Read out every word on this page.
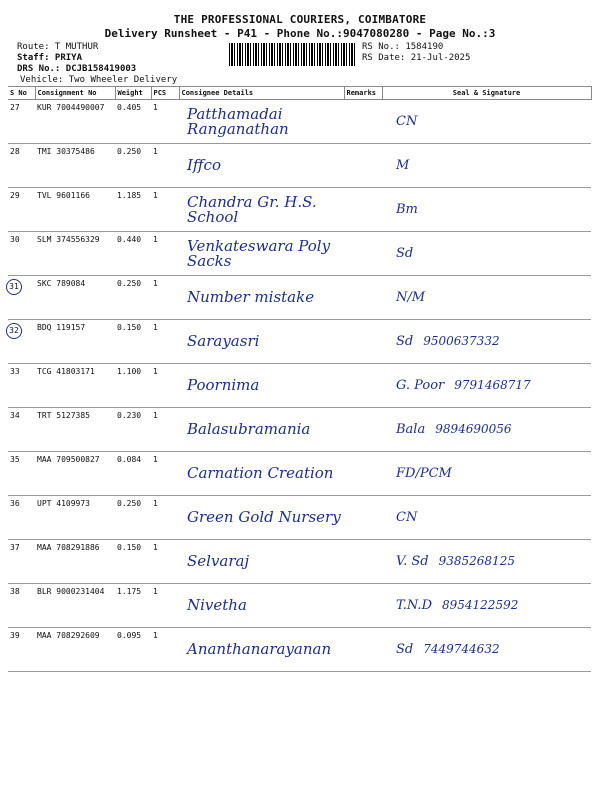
THE PROFESSIONAL COURIERS, COIMBATORE
Delivery Runsheet - P41 - Phone No.:9047080280 - Page No.:3
Route: T MUTHUR
Staff: PRIYA
DRS No.: DCJB158419003
Vehicle: Two Wheeler Delivery
RS No.: 1584190
RS Date: 21-Jul-2025
S No	Consignment No	Weight	PCS	Consignee Details	Remarks	Seal & Signature
27	KUR 7004490007	0.405	1	Patthamadai Ranganathan		CN

28	TMI 30375486	0.250	1	Iffco		M

29	TVL 9601166	1.185	1	Chandra Gr. H.S. School		Bm

30	SLM 374556329	0.440	1	Venkateswara Poly Sacks		Sd

31	SKC 789084	0.250	1	Number mistake		N/M

32	BDQ 119157	0.150	1	Sarayasri		Sd 9500637332

33	TCG 41803171	1.100	1	Poornima		G. Poor 9791468717

34	TRT 5127385	0.230	1	Balasubramania		Bala 9894690056

35	MAA 709500827	0.084	1	Carnation Creation		FD/PCM

36	UPT 4109973	0.250	1	Green Gold Nursery		CN

37	MAA 708291886	0.150	1	Selvaraj		V. Sd 9385268125

38	BLR 9000231404	1.175	1	Nivetha		T.N.D 8954122592

39	MAA 708292609	0.095	1	Ananthanarayanan		Sd 7449744632
